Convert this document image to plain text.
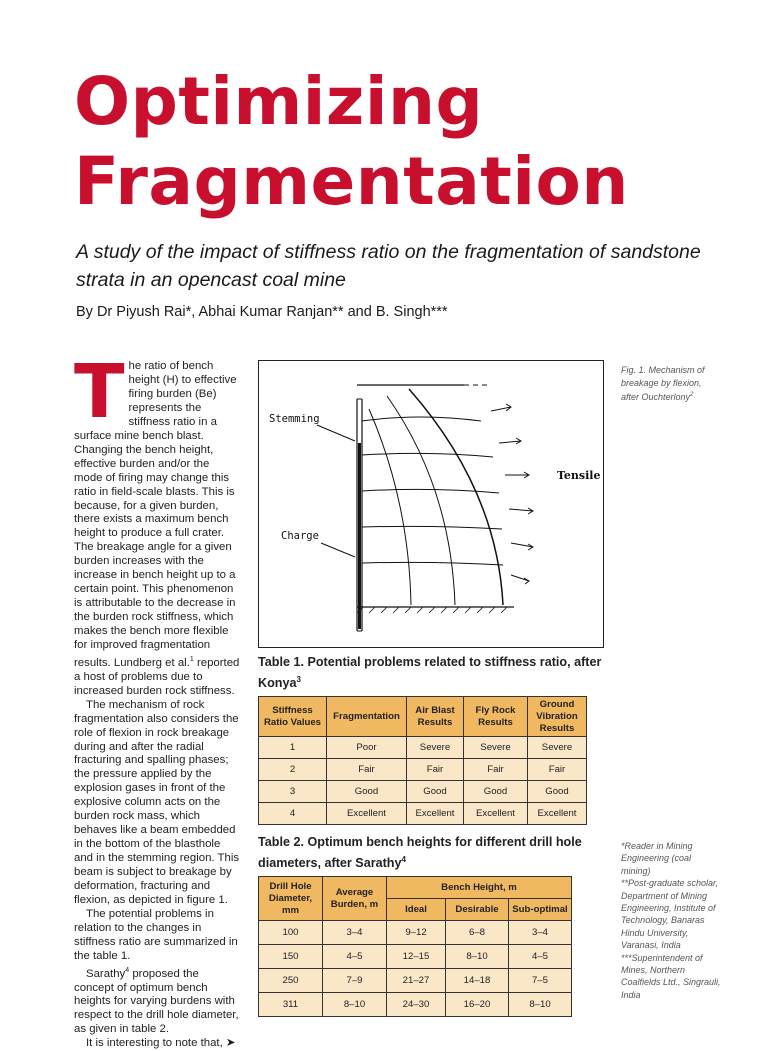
Optimizing
Fragmentation

A study of the impact of stiffness ratio on the fragmentation of sandstone strata in an opencast coal mine

By Dr Piyush Rai*, Abhai Kumar Ranjan** and B. Singh***

The ratio of bench height (H) to effective firing burden (Be) represents the stiffness ratio in a surface mine bench blast. Changing the bench height, effective burden and/or the mode of firing may change this ratio in field-scale blasts. This is because, for a given burden, there exists a maximum bench height to produce a full crater. The breakage angle for a given burden increases with the increase in bench height up to a certain point. This phenomenon is attributable to the decrease in the burden rock stiffness, which makes the bench more flexible for improved fragmentation results. Lundberg et al.$^1$ reported a host of problems due to increased burden rock stiffness.

The mechanism of rock fragmentation also considers the role of flexion in rock breakage during and after the radial fracturing and spalling phases; the pressure applied by the explosion gases in front of the explosive column acts on the burden rock mass, which behaves like a beam embedded in the bottom of the blasthole and in the stemming region. This beam is subject to breakage by deformation, fracturing and flexion, as depicted in figure 1.

The potential problems in relation to the changes in stiffness ratio are summarized in the table 1.

Sarathy$^4$ proposed the concept of optimum bench heights for varying burdens with respect to the drill hole diameter, as given in table 2.

It is interesting to note that, ➤

Stemming
Charge
Tensile
Fig. 1. Mechanism of breakage by flexion, after Ouchterlony$^2$
Table 1. Potential problems related to stiffness ratio, after Konya$^3$
Stiffness Ratio Values	Fragmentation	Air Blast Results	Fly Rock Results	Ground Vibration Results
1	Poor	Severe	Severe	Severe
2	Fair	Fair	Fair	Fair
3	Good	Good	Good	Good
4	Excellent	Excellent	Excellent	Excellent
Table 2. Optimum bench heights for different drill hole diameters, after Sarathy$^4$
Drill Hole Diameter, mm	Average Burden, m	Bench Height, m		
		Ideal	Desirable	Sub-optimal
100	3–4	9–12	6–8	3–4
150	4–5	12–15	8–10	4–5
250	7–9	21–27	14–18	7–5
311	8–10	24–30	16–20	8–10
*Reader in Mining Engineering (coal mining)
**Post-graduate scholar, Department of Mining Engineering, Institute of Technology, Banaras Hindu University, Varanasi, India
***Superintendent of Mines, Northern Coalfields Ltd., Singrauli, India
